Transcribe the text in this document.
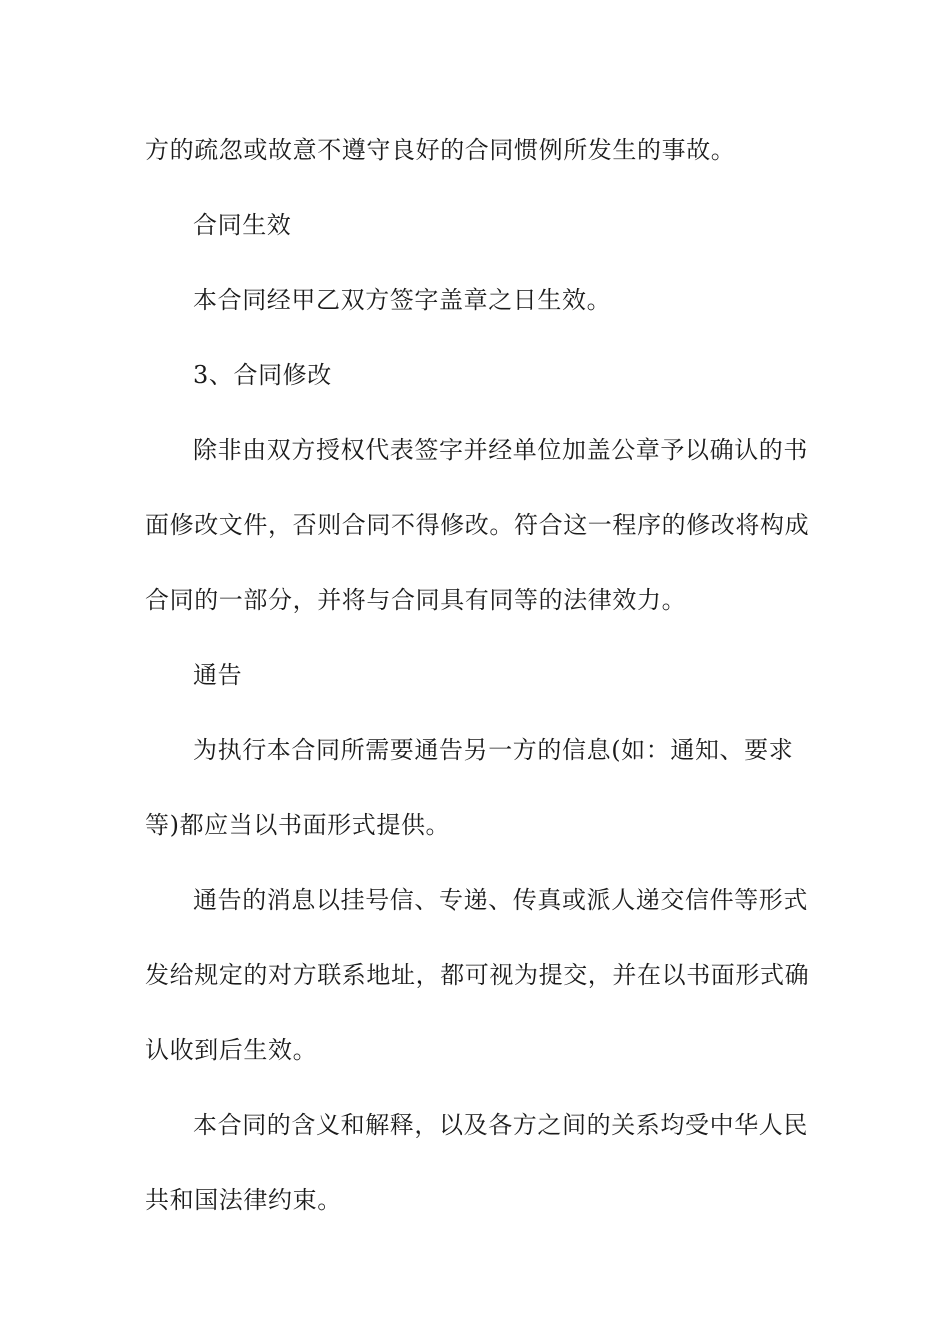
方的疏忽或故意不遵守良好的合同惯例所发生的事故。
合同生效
本合同经甲乙双方签字盖章之日生效。
3、合同修改
除非由双方授权代表签字并经单位加盖公章予以确认的书
面修改文件，否则合同不得修改。符合这一程序的修改将构成
合同的一部分，并将与合同具有同等的法律效力。
通告
为执行本合同所需要通告另一方的信息(如：通知、要求
等)都应当以书面形式提供。
通告的消息以挂号信、专递、传真或派人递交信件等形式
发给规定的对方联系地址，都可视为提交，并在以书面形式确
认收到后生效。
本合同的含义和解释，以及各方之间的关系均受中华人民
共和国法律约束。
